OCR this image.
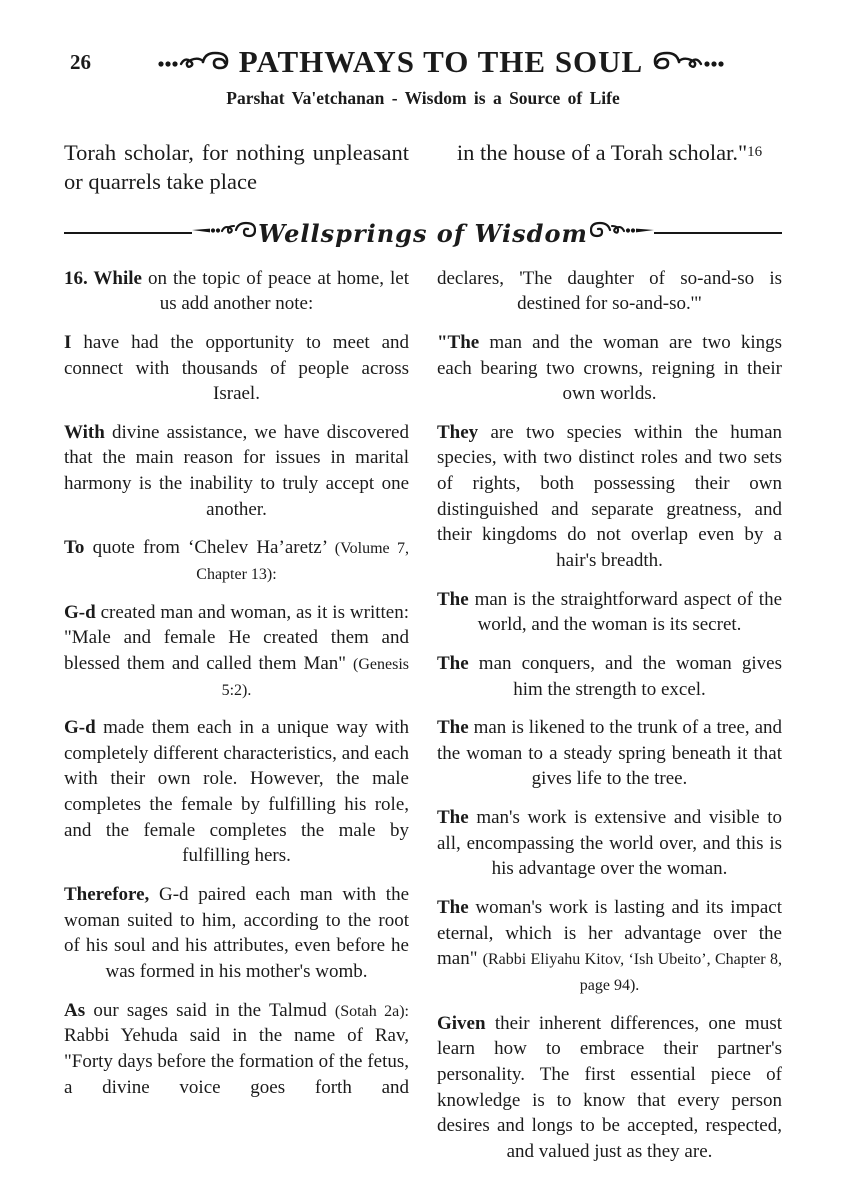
26	PATHWAYS TO THE SOUL
Parshat Va'etchanan - Wisdom is a Source of Life
Torah scholar, for nothing unpleasant or quarrels take place
in the house of a Torah scholar."16
Wellsprings of Wisdom

16. While on the topic of peace at home, let us add another note:

I have had the opportunity to meet and connect with thousands of people across Israel.

With divine assistance, we have discovered that the main reason for issues in marital harmony is the inability to truly accept one another.

To quote from ‘Chelev Ha’aretz’ (Volume 7, Chapter 13):

G-d created man and woman, as it is written: "Male and female He created them and blessed them and called them Man" (Genesis 5:2).

G-d made them each in a unique way with completely different characteristics, and each with their own role. However, the male completes the female by fulfilling his role, and the female completes the male by fulfilling hers.

Therefore, G-d paired each man with the woman suited to him, according to the root of his soul and his attributes, even before he was formed in his mother's womb.

As our sages said in the Talmud (Sotah 2a): Rabbi Yehuda said in the name of Rav, "Forty days before the formation of the fetus, a divine voice goes forth and

declares, 'The daughter of so-and-so is destined for so-and-so.'"

"The man and the woman are two kings each bearing two crowns, reigning in their own worlds.

They are two species within the human species, with two distinct roles and two sets of rights, both possessing their own distinguished and separate greatness, and their kingdoms do not overlap even by a hair's breadth.

The man is the straightforward aspect of the world, and the woman is its secret.

The man conquers, and the woman gives him the strength to excel.

The man is likened to the trunk of a tree, and the woman to a steady spring beneath it that gives life to the tree.

The man's work is extensive and visible to all, encompassing the world over, and this is his advantage over the woman.

The woman's work is lasting and its impact eternal, which is her advantage over the man" (Rabbi Eliyahu Kitov, ‘Ish Ubeito’, Chapter 8, page 94).

Given their inherent differences, one must learn how to embrace their partner's personality. The first essential piece of knowledge is to know that every person desires and longs to be accepted, respected, and valued just as they are.
